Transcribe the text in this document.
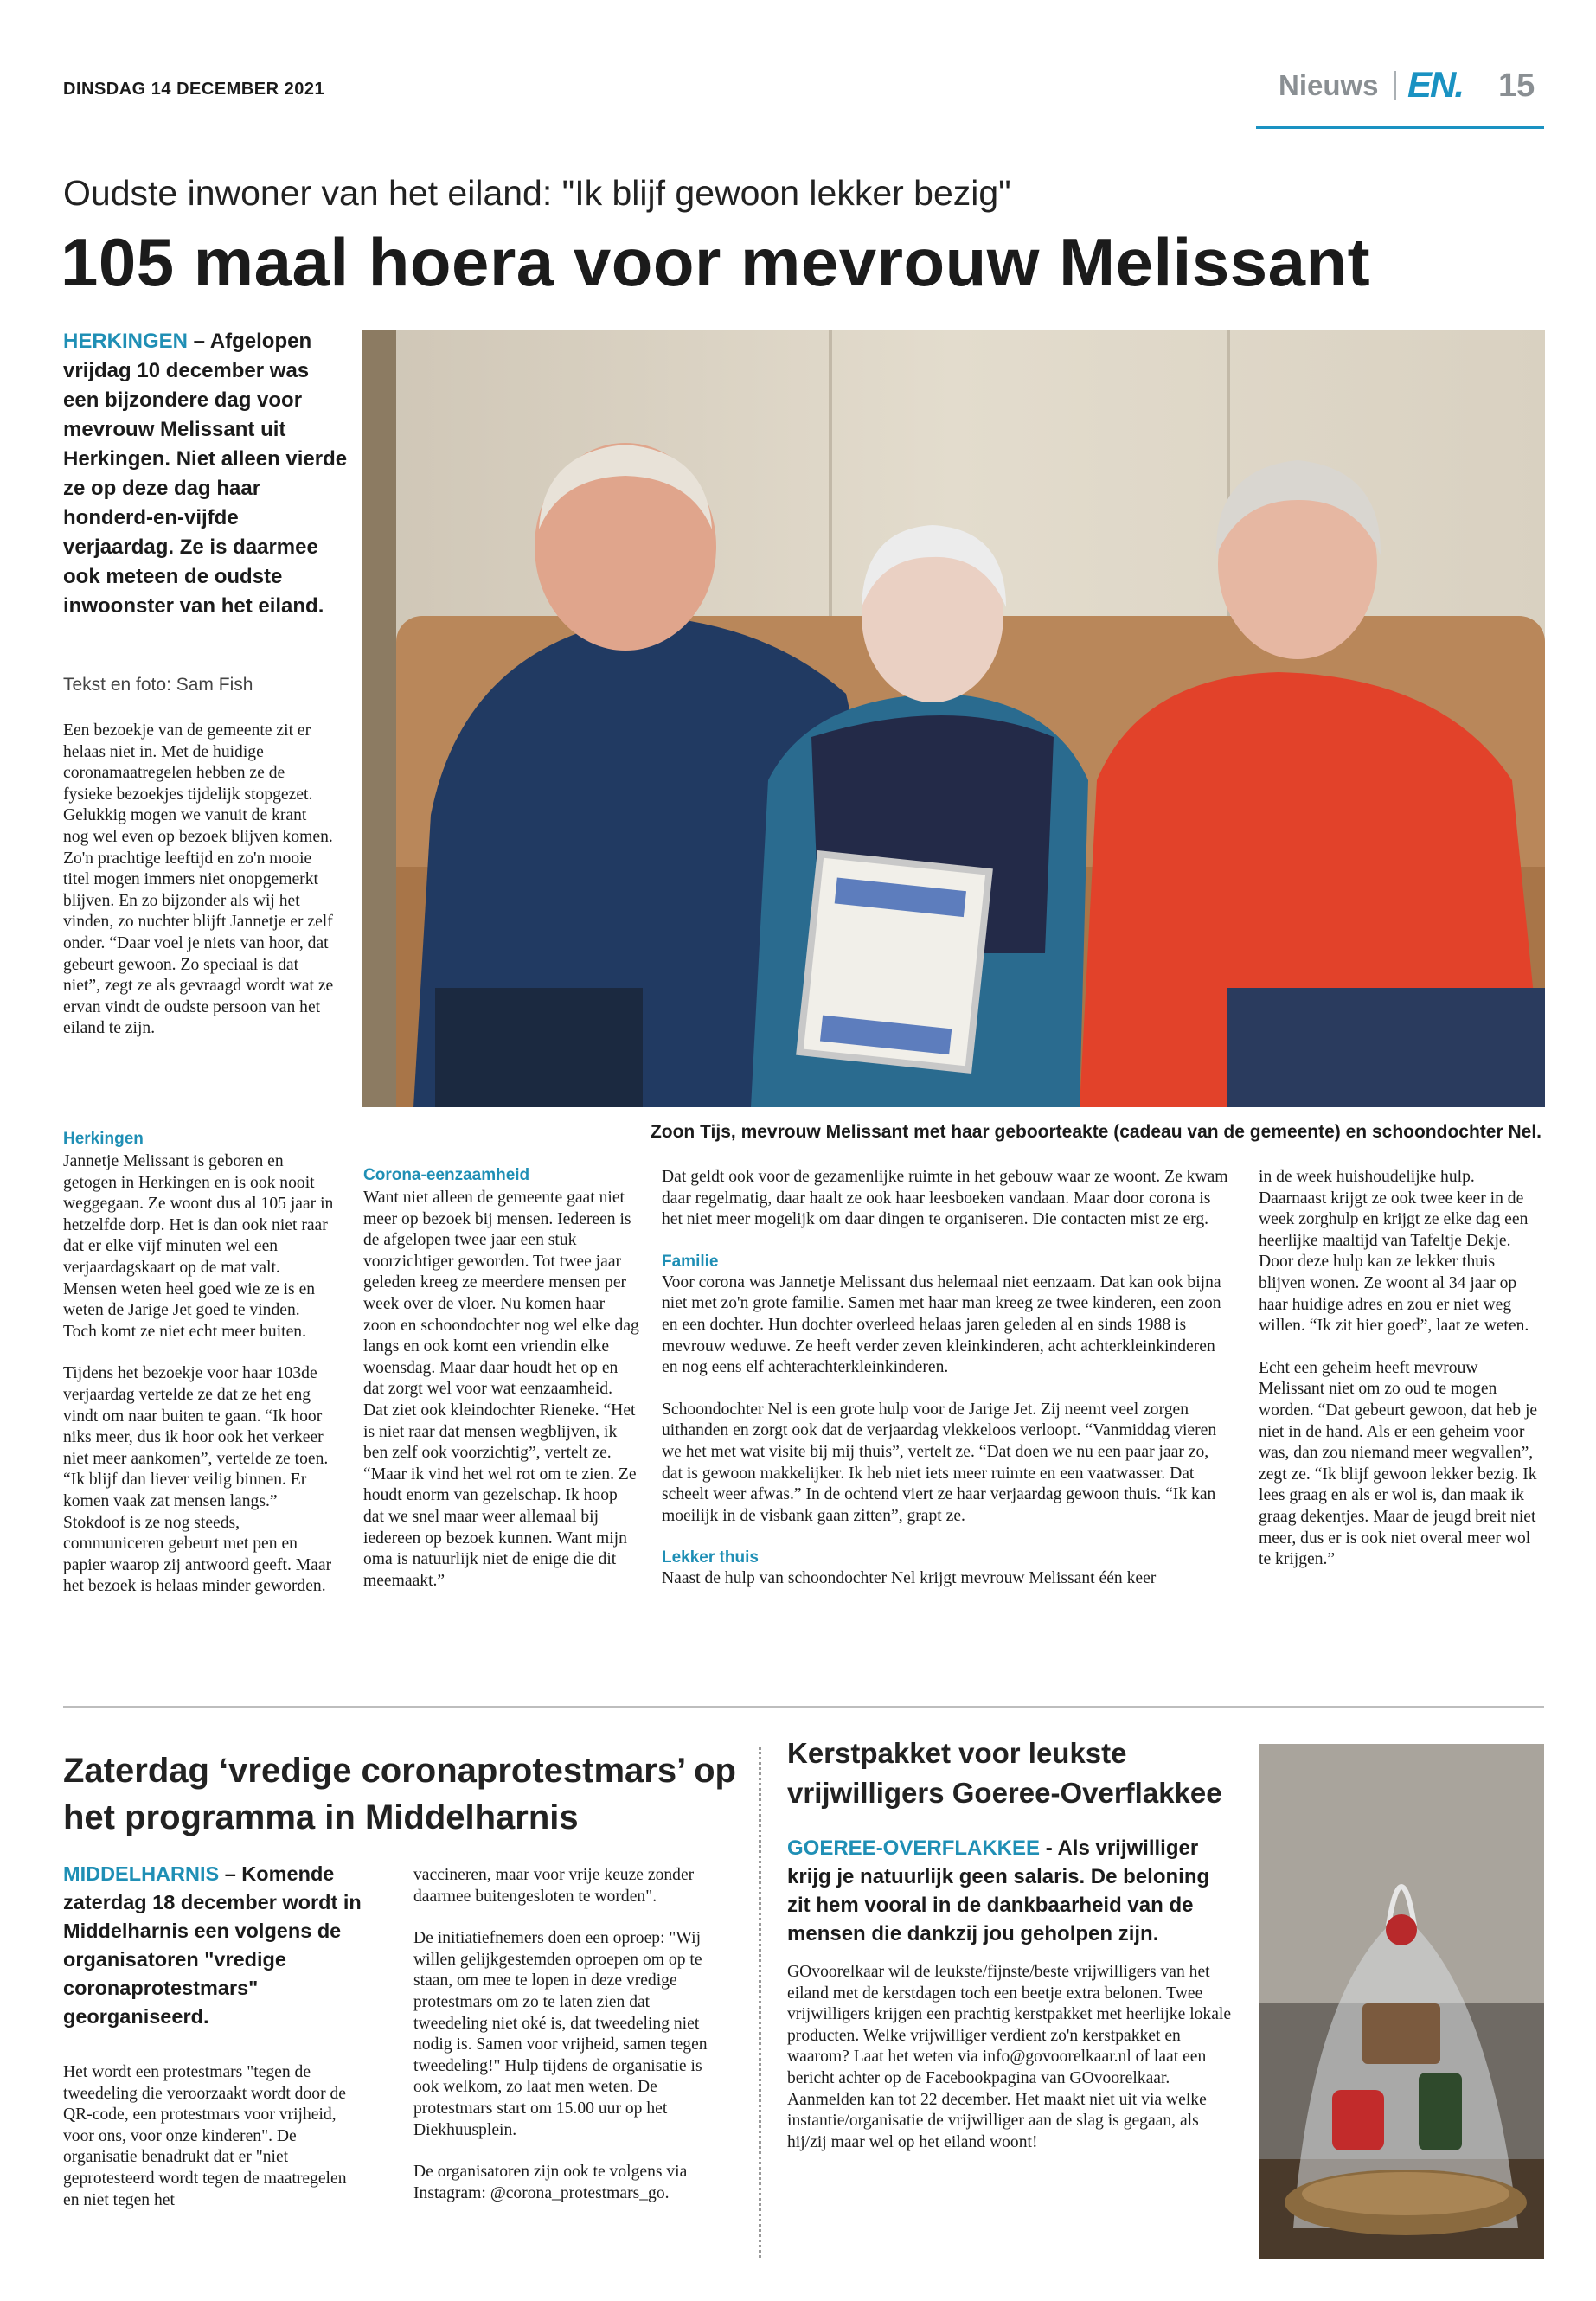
DINSDAG 14 DECEMBER 2021	Nieuws EN. 15
Oudste inwoner van het eiland: "Ik blijf gewoon lekker bezig"
105 maal hoera voor mevrouw Melissant
HERKINGEN – Afgelopen vrijdag 10 december was een bijzondere dag voor mevrouw Melissant uit Herkingen. Niet alleen vierde ze op deze dag haar honderd-en-vijfde verjaardag. Ze is daarmee ook meteen de oudste inwoonster van het eiland.
Tekst en foto: Sam Fish
Een bezoekje van de gemeente zit er helaas niet in. Met de huidige coronamaatregelen hebben ze de fysieke bezoekjes tijdelijk stopgezet. Gelukkig mogen we vanuit de krant nog wel even op bezoek blijven komen. Zo'n prachtige leeftijd en zo'n mooie titel mogen immers niet onopgemerkt blijven. En zo bijzonder als wij het vinden, zo nuchter blijft Jannetje er zelf onder. “Daar voel je niets van hoor, dat gebeurt gewoon. Zo speciaal is dat niet”, zegt ze als gevraagd wordt wat ze ervan vindt de oudste persoon van het eiland te zijn.
Herkingen

Jannetje Melissant is geboren en getogen in Herkingen en is ook nooit weggegaan. Ze woont dus al 105 jaar in hetzelfde dorp. Het is dan ook niet raar dat er elke vijf minuten wel een verjaardagskaart op de mat valt. Mensen weten heel goed wie ze is en weten de Jarige Jet goed te vinden. Toch komt ze niet echt meer buiten.

Tijdens het bezoekje voor haar 103de verjaardag vertelde ze dat ze het eng vindt om naar buiten te gaan. “Ik hoor niks meer, dus ik hoor ook het verkeer niet meer aankomen”, vertelde ze toen. “Ik blijf dan liever veilig binnen. Er komen vaak zat mensen langs.” Stokdoof is ze nog steeds, communiceren gebeurt met pen en papier waarop zij antwoord geeft. Maar het bezoek is helaas minder geworden.

Zoon Tijs, mevrouw Melissant met haar geboorteakte (cadeau van de gemeente) en schoondochter Nel.
Corona-eenzaamheid
Want niet alleen de gemeente gaat niet meer op bezoek bij mensen. Iedereen is de afgelopen twee jaar een stuk voorzichtiger geworden. Tot twee jaar geleden kreeg ze meerdere mensen per week over de vloer. Nu komen haar zoon en schoondochter nog wel elke dag langs en ook komt een vriendin elke woensdag. Maar daar houdt het op en dat zorgt wel voor wat eenzaamheid. Dat ziet ook kleindochter Rieneke. “Het is niet raar dat mensen wegblijven, ik ben zelf ook voorzichtig”, vertelt ze. “Maar ik vind het wel rot om te zien. Ze houdt enorm van gezelschap. Ik hoop dat we snel maar weer allemaal bij iedereen op bezoek kunnen. Want mijn oma is natuurlijk niet de enige die dit meemaakt.”

Dat geldt ook voor de gezamenlijke ruimte in het gebouw waar ze woont. Ze kwam daar regelmatig, daar haalt ze ook haar leesboeken vandaan. Maar door corona is het niet meer mogelijk om daar dingen te organiseren. Die contacten mist ze erg.

Familie

Voor corona was Jannetje Melissant dus helemaal niet eenzaam. Dat kan ook bijna niet met zo'n grote familie. Samen met haar man kreeg ze twee kinderen, een zoon en een dochter. Hun dochter overleed helaas jaren geleden al en sinds 1988 is mevrouw weduwe. Ze heeft verder zeven kleinkinderen, acht achterkleinkinderen en nog eens elf achterachterkleinkinderen.

Schoondochter Nel is een grote hulp voor de Jarige Jet. Zij neemt veel zorgen uithanden en zorgt ook dat de verjaardag vlekkeloos verloopt. “Vanmiddag vieren we het met wat visite bij mij thuis”, vertelt ze. “Dat doen we nu een paar jaar zo, dat is gewoon makkelijker. Ik heb niet iets meer ruimte en een vaatwasser. Dat scheelt weer afwas.” In de ochtend viert ze haar verjaardag gewoon thuis. “Ik kan moeilijk in de visbank gaan zitten”, grapt ze.

Lekker thuis

Naast de hulp van schoondochter Nel krijgt mevrouw Melissant één keer

in de week huishoudelijke hulp. Daarnaast krijgt ze ook twee keer in de week zorghulp en krijgt ze elke dag een heerlijke maaltijd van Tafeltje Dekje. Door deze hulp kan ze lekker thuis blijven wonen. Ze woont al 34 jaar op haar huidige adres en zou er niet weg willen. “Ik zit hier goed”, laat ze weten.

Echt een geheim heeft mevrouw Melissant niet om zo oud te mogen worden. “Dat gebeurt gewoon, dat heb je niet in de hand. Als er een geheim voor was, dan zou niemand meer wegvallen”, zegt ze. “Ik blijf gewoon lekker bezig. Ik lees graag en als er wol is, dan maak ik graag dekentjes. Maar de jeugd breit niet meer, dus er is ook niet overal meer wol te krijgen.”

Zaterdag ‘vredige coronaprotestmars’ op het programma in Middelharnis
MIDDELHARNIS – Komende zaterdag 18 december wordt in Middelharnis een volgens de organisatoren "vredige coronaprotestmars" georganiseerd.
Het wordt een protestmars "tegen de tweedeling die veroorzaakt wordt door de QR-code, een protestmars voor vrijheid, voor ons, voor onze kinderen". De organisatie benadrukt dat er "niet geprotesteerd wordt tegen de maatregelen en niet tegen het

vaccineren, maar voor vrije keuze zonder daarmee buitengesloten te worden".

De initiatiefnemers doen een oproep: "Wij willen gelijkgestemden oproepen om op te staan, om mee te lopen in deze vredige protestmars om zo te laten zien dat tweedeling niet oké is, dat tweedeling niet nodig is. Samen voor vrijheid, samen tegen tweedeling!" Hulp tijdens de organisatie is ook welkom, zo laat men weten. De protestmars start om 15.00 uur op het Diekhuusplein.

De organisatoren zijn ook te volgens via Instagram: @corona_protestmars_go.

Kerstpakket voor leukste vrijwilligers Goeree-Overflakkee
GOEREE-OVERFLAKKEE - Als vrijwilliger krijg je natuurlijk geen salaris. De beloning zit hem vooral in de dankbaarheid van de mensen die dankzij jou geholpen zijn.
GOvoorelkaar wil de leukste/fijnste/beste vrijwilligers van het eiland met de kerstdagen toch een beetje extra belonen. Twee vrijwilligers krijgen een prachtig kerstpakket met heerlijke lokale producten. Welke vrijwilliger verdient zo'n kerstpakket en waarom? Laat het weten via info@govoorelkaar.nl of laat een bericht achter op de Facebookpagina van GOvoorelkaar. Aanmelden kan tot 22 december. Het maakt niet uit via welke instantie/organisatie de vrijwilliger aan de slag is gegaan, als hij/zij maar wel op het eiland woont!
